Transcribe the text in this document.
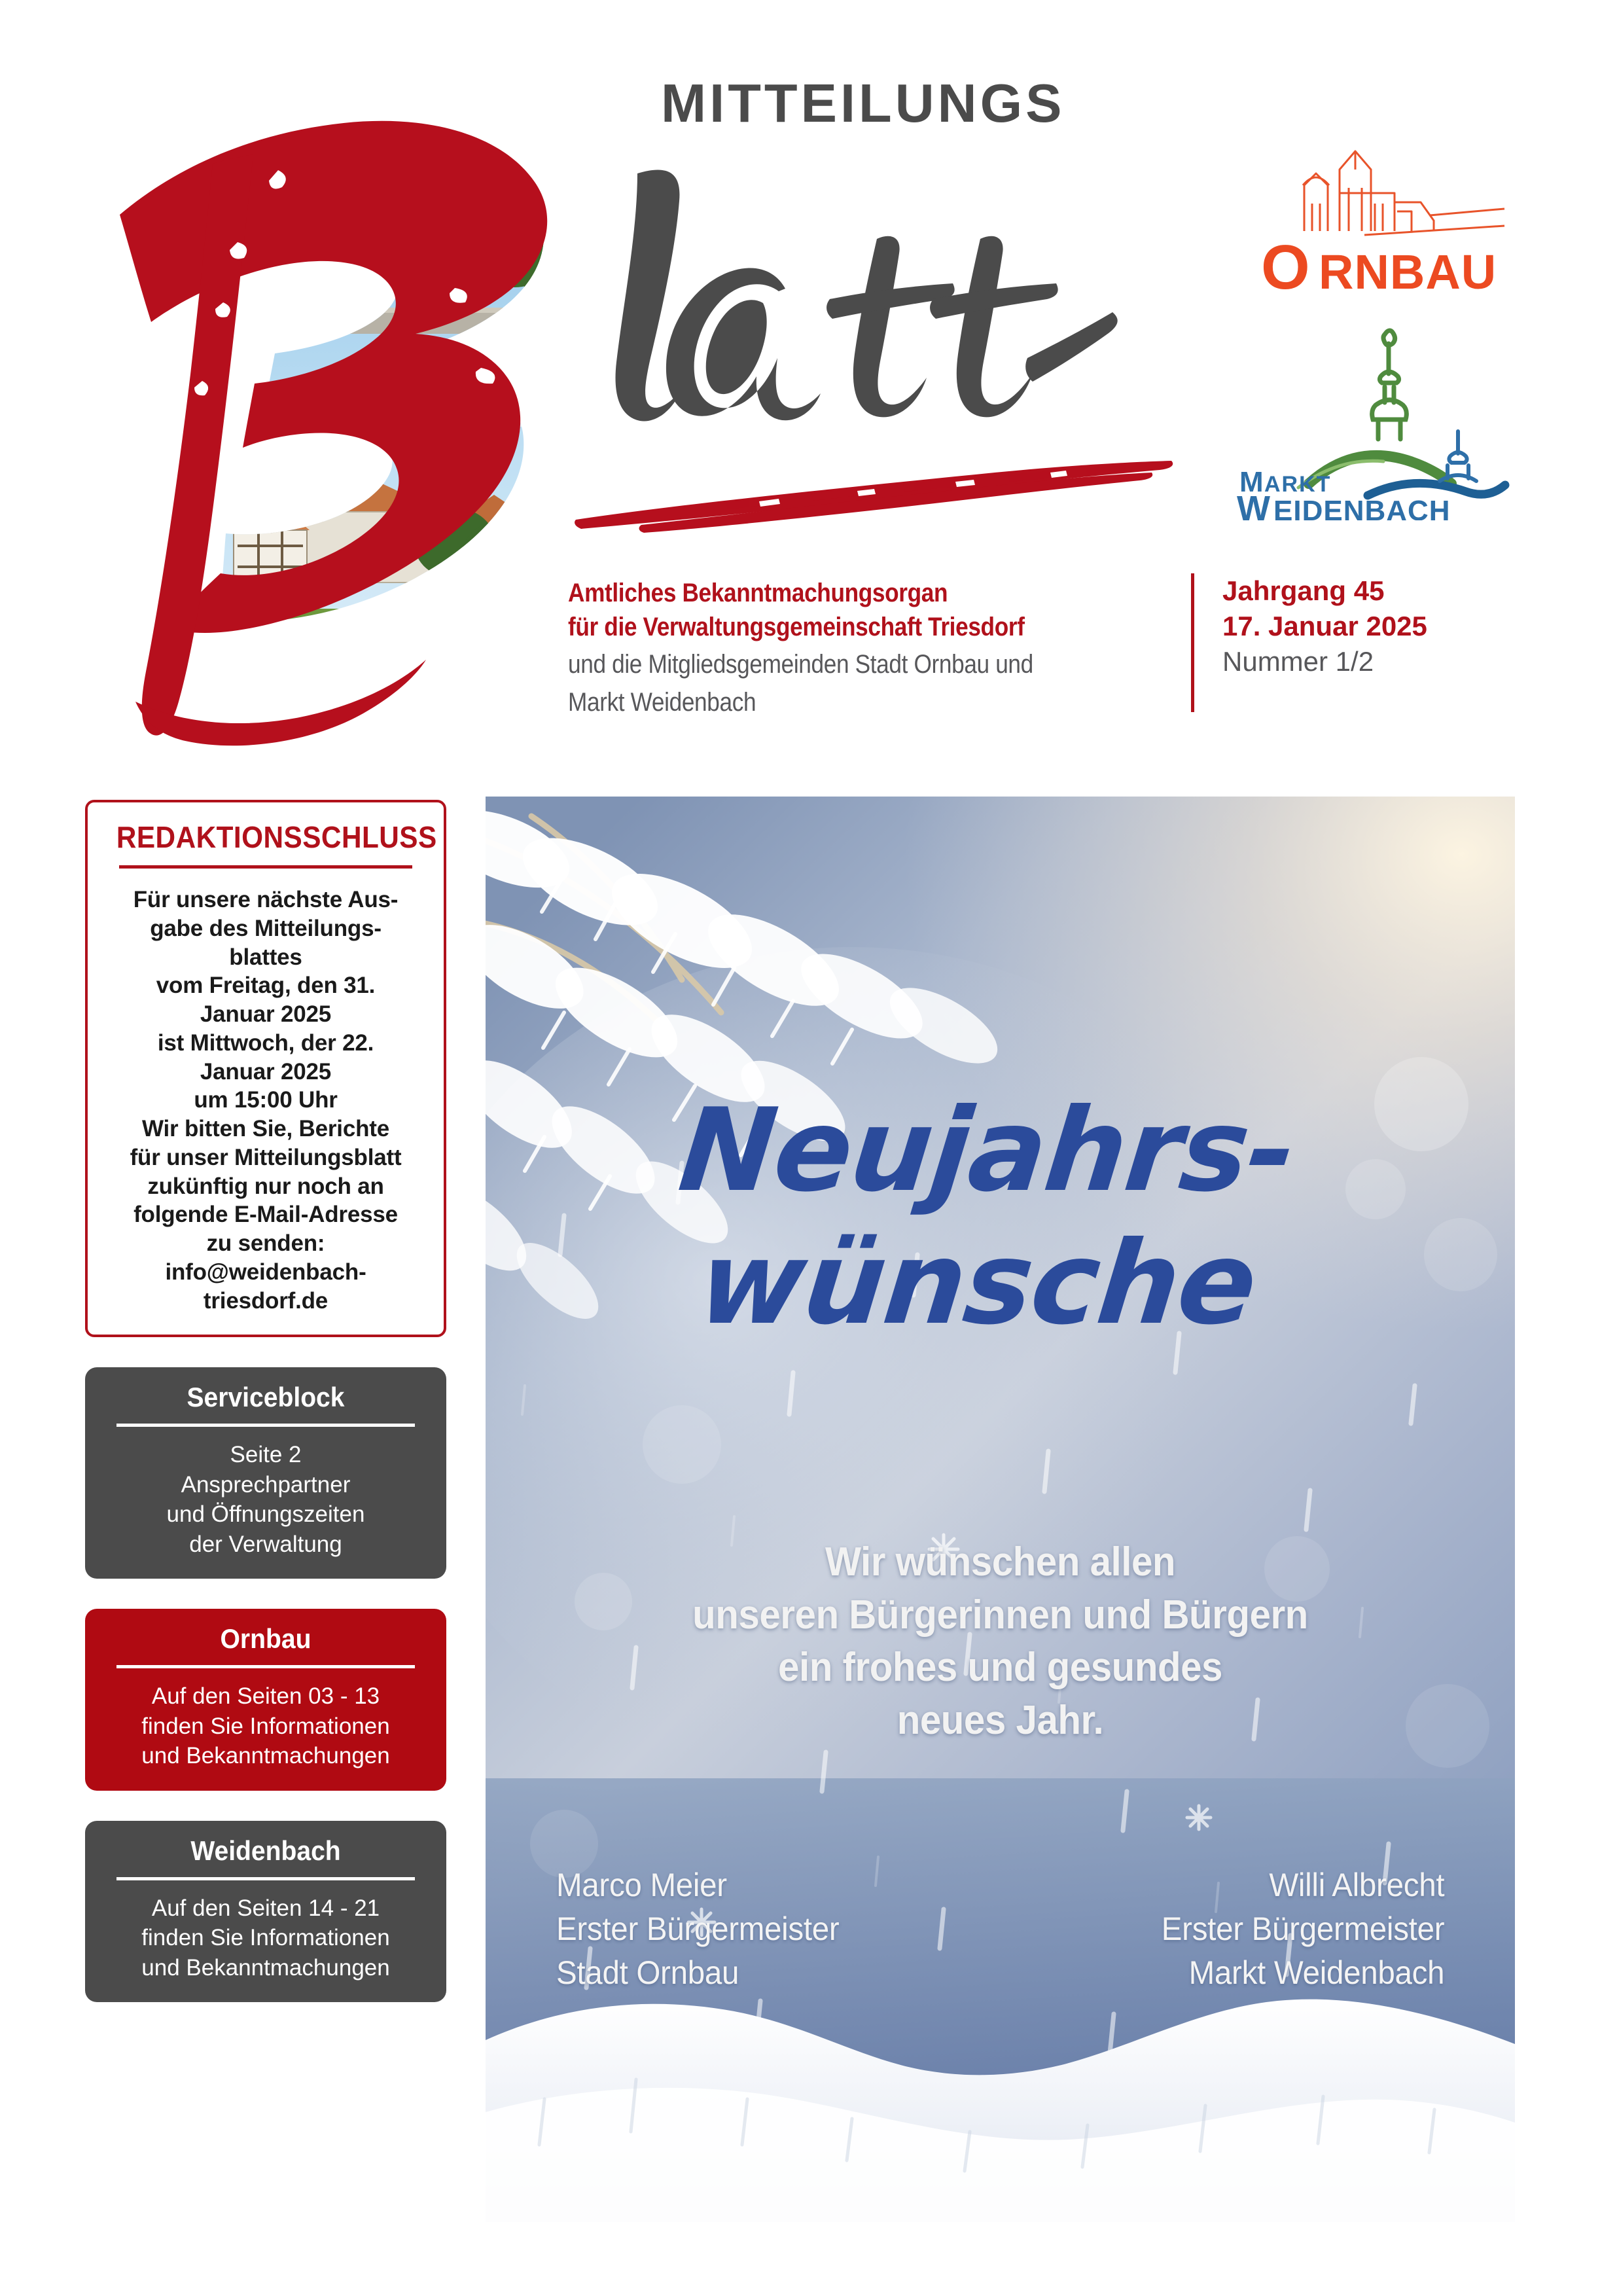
MITTEILUNGS
O RNBAU
M ARKT
W EIDENBACH
Amtliches Bekanntmachungsorgan
für die Verwaltungsgemeinschaft Triesdorf
und die Mitgliedsgemeinden Stadt Ornbau und
Markt Weidenbach
Jahrgang 45
17. Januar 2025
Nummer 1/2
REDAKTIONSSCHLUSS
Für unsere nächste Aus-
gabe des Mitteilungs-
blattes
vom Freitag, den 31.
Januar 2025
ist Mittwoch, der 22.
Januar 2025
um 15:00 Uhr
Wir bitten Sie, Berichte
für unser Mitteilungsblatt
zukünftig nur noch an
folgende E-Mail-Adresse
zu senden:
info@weidenbach-
triesdorf.de
Serviceblock
Seite 2
Ansprechpartner
und Öffnungszeiten
der Verwaltung
Ornbau
Auf den Seiten 03 - 13
finden Sie Informationen
und Bekanntmachungen
Weidenbach
Auf den Seiten 14 - 21
finden Sie Informationen
und Bekanntmachungen
Neujahrs-
wünsche
Wir wünschen allen
unseren Bürgerinnen und Bürgern
ein frohes und gesundes
neues Jahr.
Marco Meier
Erster Bürgermeister
Stadt Ornbau
Willi Albrecht
Erster Bürgermeister
Markt Weidenbach
